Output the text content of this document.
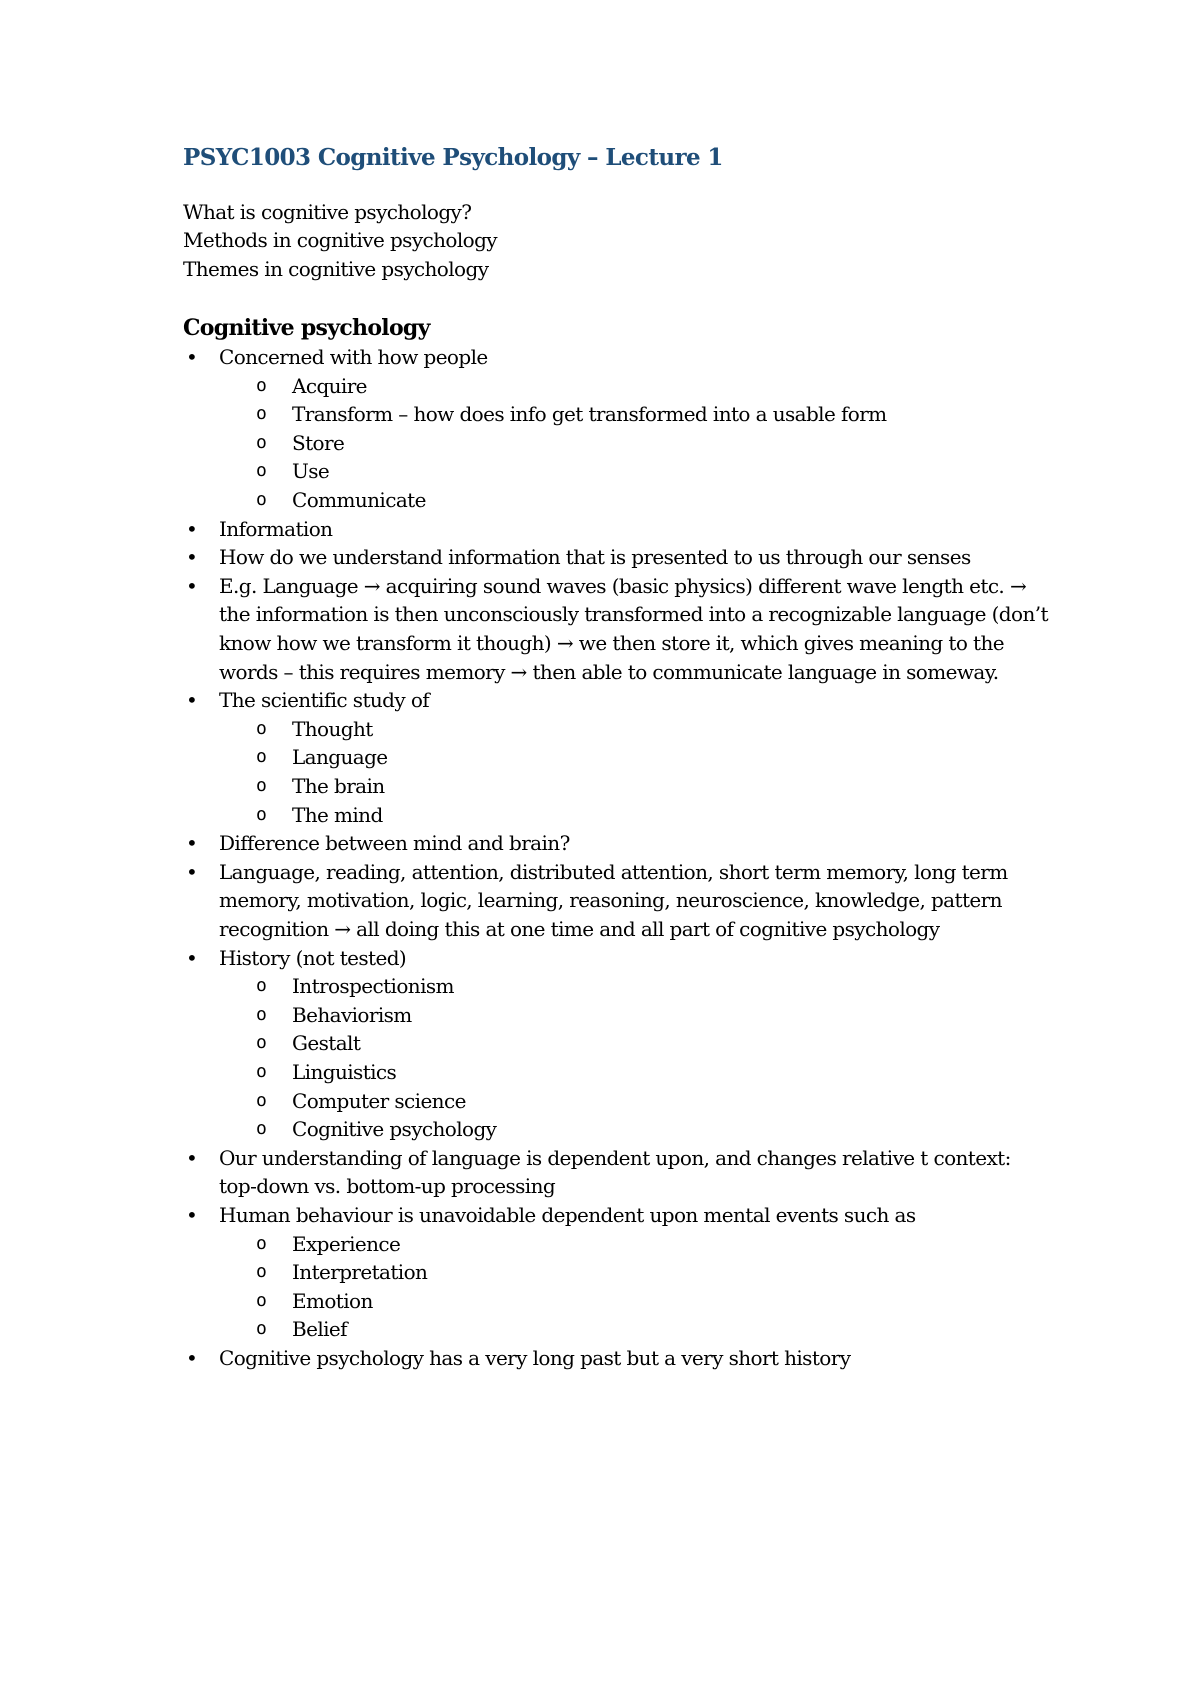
PSYC1003 Cognitive Psychology – Lecture 1

What is cognitive psychology?

Methods in cognitive psychology

Themes in cognitive psychology

Cognitive psychology
•	Concerned with how people
o Acquire
o Transform – how does info get transformed into a usable form
o Store
o Use
o Communicate
•	Information
•	How do we understand information that is presented to us through our senses
•	E.g. Language → acquiring sound waves (basic physics) different wave length etc. → the information is then unconsciously transformed into a recognizable language (don’t know how we transform it though) → we then store it, which gives meaning to the words – this requires memory → then able to communicate language in someway.
•	The scientific study of
o Thought
o Language
o The brain
o The mind
•	Difference between mind and brain?
•	Language, reading, attention, distributed attention, short term memory, long term memory, motivation, logic, learning, reasoning, neuroscience, knowledge, pattern recognition → all doing this at one time and all part of cognitive psychology
•	History (not tested)
o Introspectionism
o Behaviorism
o Gestalt
o Linguistics
o Computer science
o Cognitive psychology
•	Our understanding of language is dependent upon, and changes relative t context: top-down vs. bottom-up processing
•	Human behaviour is unavoidable dependent upon mental events such as
o Experience
o Interpretation
o Emotion
o Belief
•	Cognitive psychology has a very long past but a very short history
